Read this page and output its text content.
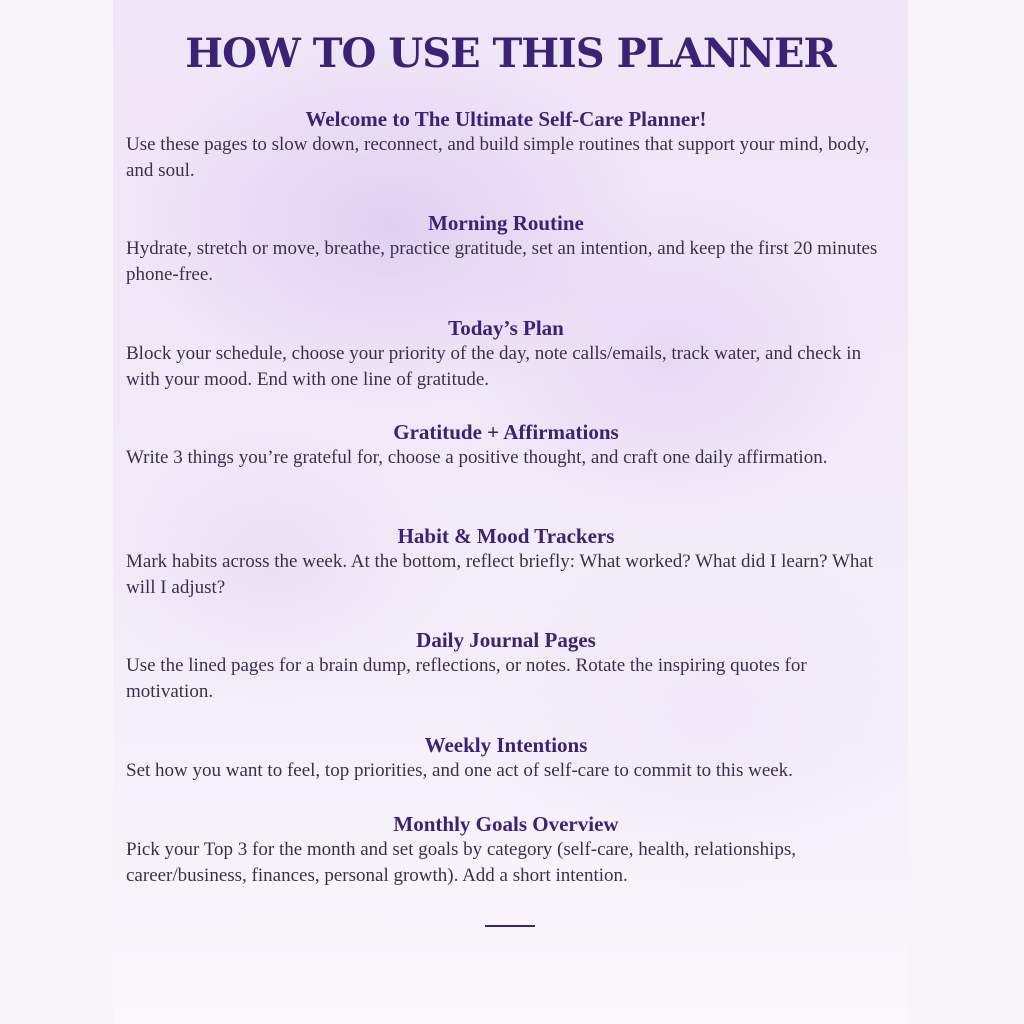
HOW TO USE THIS PLANNER
Welcome to The Ultimate Self-Care Planner!

Use these pages to slow down, reconnect, and build simple routines that support your mind, body, and soul.

Morning Routine

Hydrate, stretch or move, breathe, practice gratitude, set an intention, and keep the first 20 minutes phone-free.

Today’s Plan

Block your schedule, choose your priority of the day, note calls/emails, track water, and check in with your mood. End with one line of gratitude.

Gratitude + Affirmations

Write 3 things you’re grateful for, choose a positive thought, and craft one daily affirmation.

Habit & Mood Trackers

Mark habits across the week. At the bottom, reflect briefly: What worked? What did I learn? What will I adjust?

Daily Journal Pages

Use the lined pages for a brain dump, reflections, or notes. Rotate the inspiring quotes for motivation.

Weekly Intentions

Set how you want to feel, top priorities, and one act of self-care to commit to this week.

Monthly Goals Overview

Pick your Top 3 for the month and set goals by category (self-care, health, relationships, career/business, finances, personal growth). Add a short intention.
